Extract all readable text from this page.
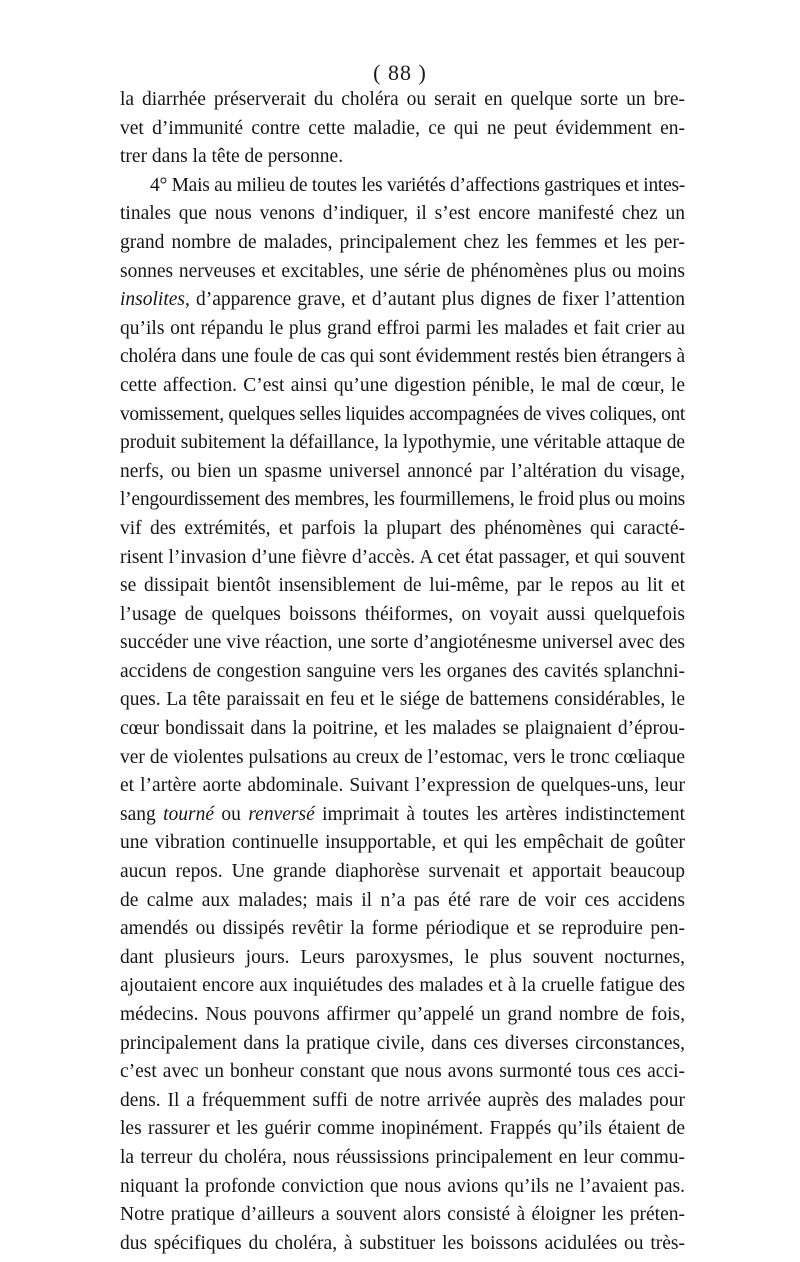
( 88 )
la diarrhée préserverait du choléra ou serait en quelque sorte un bre-
vet d’immunité contre cette maladie, ce qui ne peut évidemment en-
trer dans la tête de personne.
4° Mais au milieu de toutes les variétés d’affections gastriques et intes-
tinales que nous venons d’indiquer, il s’est encore manifesté chez un
grand nombre de malades, principalement chez les femmes et les per-
sonnes nerveuses et excitables, une série de phénomènes plus ou moins
insolites, d’apparence grave, et d’autant plus dignes de fixer l’attention
qu’ils ont répandu le plus grand effroi parmi les malades et fait crier au
choléra dans une foule de cas qui sont évidemment restés bien étrangers à
cette affection. C’est ainsi qu’une digestion pénible, le mal de cœur, le
vomissement, quelques selles liquides accompagnées de vives coliques, ont
produit subitement la défaillance, la lypothymie, une véritable attaque de
nerfs, ou bien un spasme universel annoncé par l’altération du visage,
l’engourdissement des membres, les fourmillemens, le froid plus ou moins
vif des extrémités, et parfois la plupart des phénomènes qui caracté-
risent l’invasion d’une fièvre d’accès. A cet état passager, et qui souvent
se dissipait bientôt insensiblement de lui-même, par le repos au lit et
l’usage de quelques boissons théiformes, on voyait aussi quelquefois
succéder une vive réaction, une sorte d’angioténesme universel avec des
accidens de congestion sanguine vers les organes des cavités splanchni-
ques. La tête paraissait en feu et le siége de battemens considérables, le
cœur bondissait dans la poitrine, et les malades se plaignaient d’éprou-
ver de violentes pulsations au creux de l’estomac, vers le tronc cœliaque
et l’artère aorte abdominale. Suivant l’expression de quelques-uns, leur
sang tourné ou renversé imprimait à toutes les artères indistinctement
une vibration continuelle insupportable, et qui les empêchait de goûter
aucun repos. Une grande diaphorèse survenait et apportait beaucoup
de calme aux malades; mais il n’a pas été rare de voir ces accidens
amendés ou dissipés revêtir la forme périodique et se reproduire pen-
dant plusieurs jours. Leurs paroxysmes, le plus souvent nocturnes,
ajoutaient encore aux inquiétudes des malades et à la cruelle fatigue des
médecins. Nous pouvons affirmer qu’appelé un grand nombre de fois,
principalement dans la pratique civile, dans ces diverses circonstances,
c’est avec un bonheur constant que nous avons surmonté tous ces acci-
dens. Il a fréquemment suffi de notre arrivée auprès des malades pour
les rassurer et les guérir comme inopinément. Frappés qu’ils étaient de
la terreur du choléra, nous réussissions principalement en leur commu-
niquant la profonde conviction que nous avions qu’ils ne l’avaient pas.
Notre pratique d’ailleurs a souvent alors consisté à éloigner les préten-
dus spécifiques du choléra, à substituer les boissons acidulées ou très-
